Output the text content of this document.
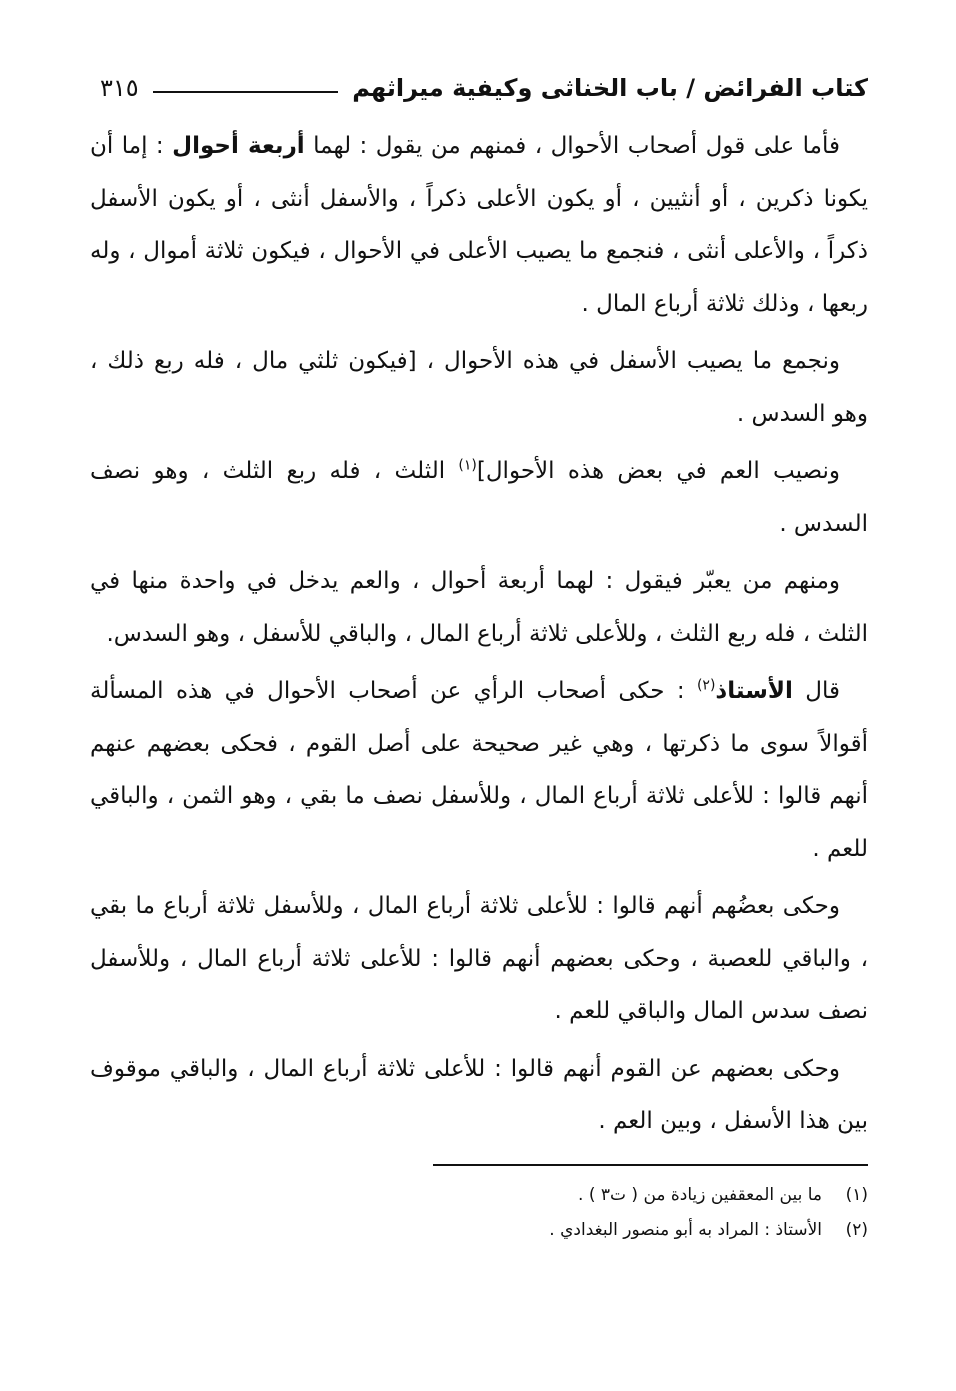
كتاب الفرائض / باب الخناثى وكيفية ميراثهم
٣١٥

فأما على قول أصحاب الأحوال ، فمنهم من يقول : لهما أربعة أحوال : إما أن يكونا ذكرين ، أو أنثيين ، أو يكون الأعلى ذكراً ، والأسفل أنثى ، أو يكون الأسفل ذكراً ، والأعلى أنثى ، فنجمع ما يصيب الأعلى في الأحوال ، فيكون ثلاثة أموال ، وله ربعها ، وذلك ثلاثة أرباع المال .

ونجمع ما يصيب الأسفل في هذه الأحوال ، [فيكون ثلثي مال ، فله ربع ذلك ، وهو السدس .

ونصيب العم في بعض هذه الأحوال]$^{(١)}$ الثلث ، فله ربع الثلث ، وهو نصف السدس .

ومنهم من يعبّر فيقول : لهما أربعة أحوال ، والعم يدخل في واحدة منها في الثلث ، فله ربع الثلث ، وللأعلى ثلاثة أرباع المال ، والباقي للأسفل ، وهو السدس.

قال الأستاذ$^{(٢)}$ : حكى أصحاب الرأي عن أصحاب الأحوال في هذه المسألة أقوالاً سوى ما ذكرتها ، وهي غير صحيحة على أصل القوم ، فحكى بعضهم عنهم أنهم قالوا : للأعلى ثلاثة أرباع المال ، وللأسفل نصف ما بقي ، وهو الثمن ، والباقي للعم .

وحكى بعضُهم أنهم قالوا : للأعلى ثلاثة أرباع المال ، وللأسفل ثلاثة أرباع ما بقي ، والباقي للعصبة ، وحكى بعضهم أنهم قالوا : للأعلى ثلاثة أرباع المال ، وللأسفل نصف سدس المال والباقي للعم .

وحكى بعضهم عن القوم أنهم قالوا : للأعلى ثلاثة أرباع المال ، والباقي موقوف بين هذا الأسفل ، وبين العم .

(١)
ما بين المعقفين زيادة من ( ت٣ ) .
(٢)
الأستاذ : المراد به أبو منصور البغدادي .
